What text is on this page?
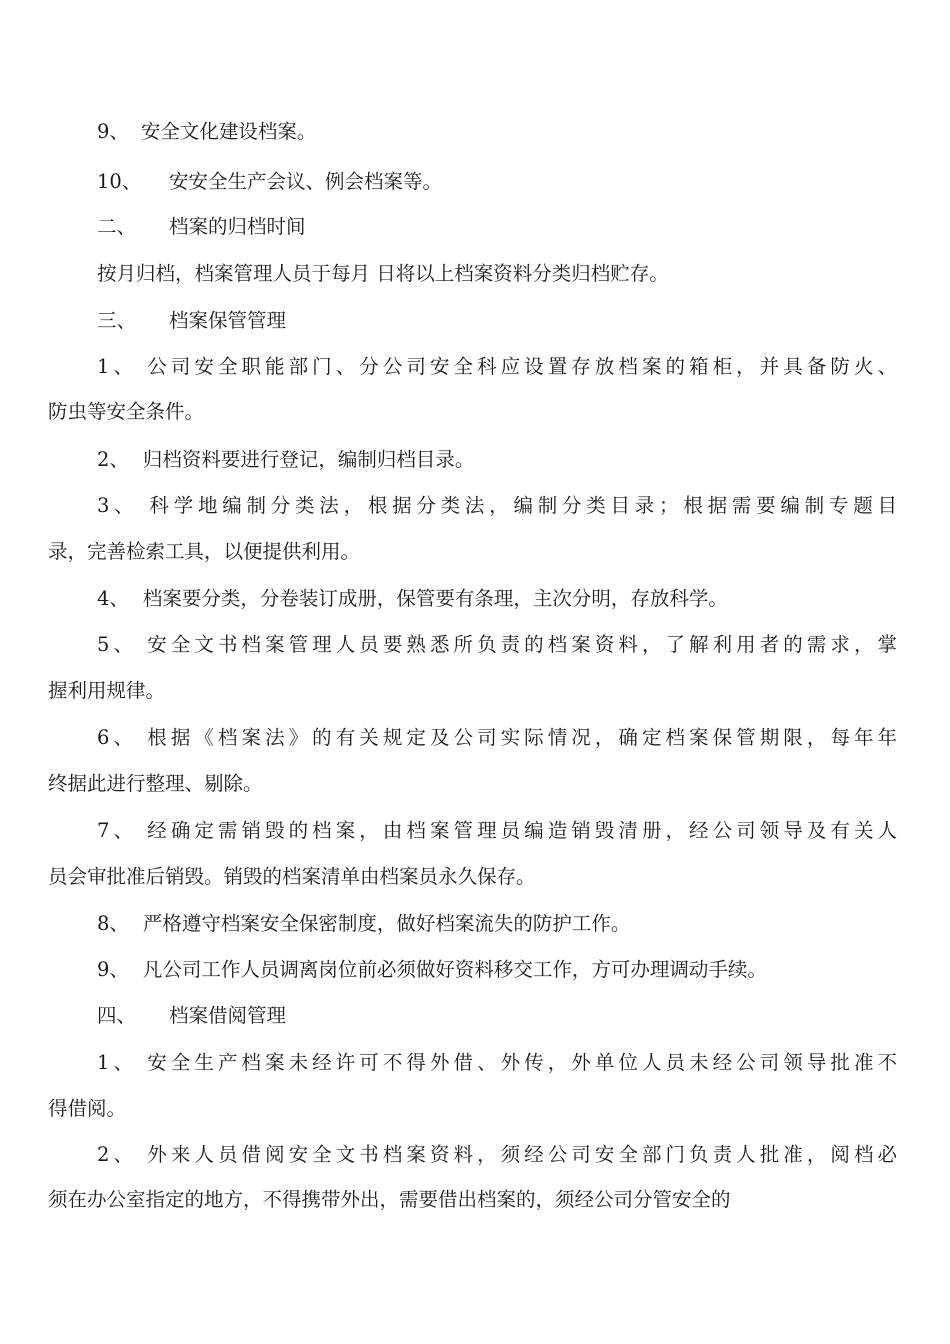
9、 安全文化建设档案。
10、 安安全生产会议、例会档案等。
二、 档案的归档时间
按月归档，档案管理人员于每月 日将以上档案资料分类归档贮存。
三、 档案保管管理
1、 公司安全职能部门、分公司安全科应设置存放档案的箱柜，并具备防火、
防虫等安全条件。
2、 归档资料要进行登记，编制归档目录。
3、 科学地编制分类法，根据分类法，编制分类目录；根据需要编制专题目
录，完善检索工具，以便提供利用。
4、 档案要分类，分卷装订成册，保管要有条理，主次分明，存放科学。
5、 安全文书档案管理人员要熟悉所负责的档案资料，了解利用者的需求，掌
握利用规律。
6、 根据《档案法》的有关规定及公司实际情况，确定档案保管期限，每年年
终据此进行整理、剔除。
7、 经确定需销毁的档案，由档案管理员编造销毁清册，经公司领导及有关人
员会审批准后销毁。销毁的档案清单由档案员永久保存。
8、 严格遵守档案安全保密制度，做好档案流失的防护工作。
9、 凡公司工作人员调离岗位前必须做好资料移交工作，方可办理调动手续。
四、 档案借阅管理
1、 安全生产档案未经许可不得外借、外传，外单位人员未经公司领导批准不
得借阅。
2、 外来人员借阅安全文书档案资料，须经公司安全部门负责人批准，阅档必
须在办公室指定的地方，不得携带外出，需要借出档案的，须经公司分管安全的
